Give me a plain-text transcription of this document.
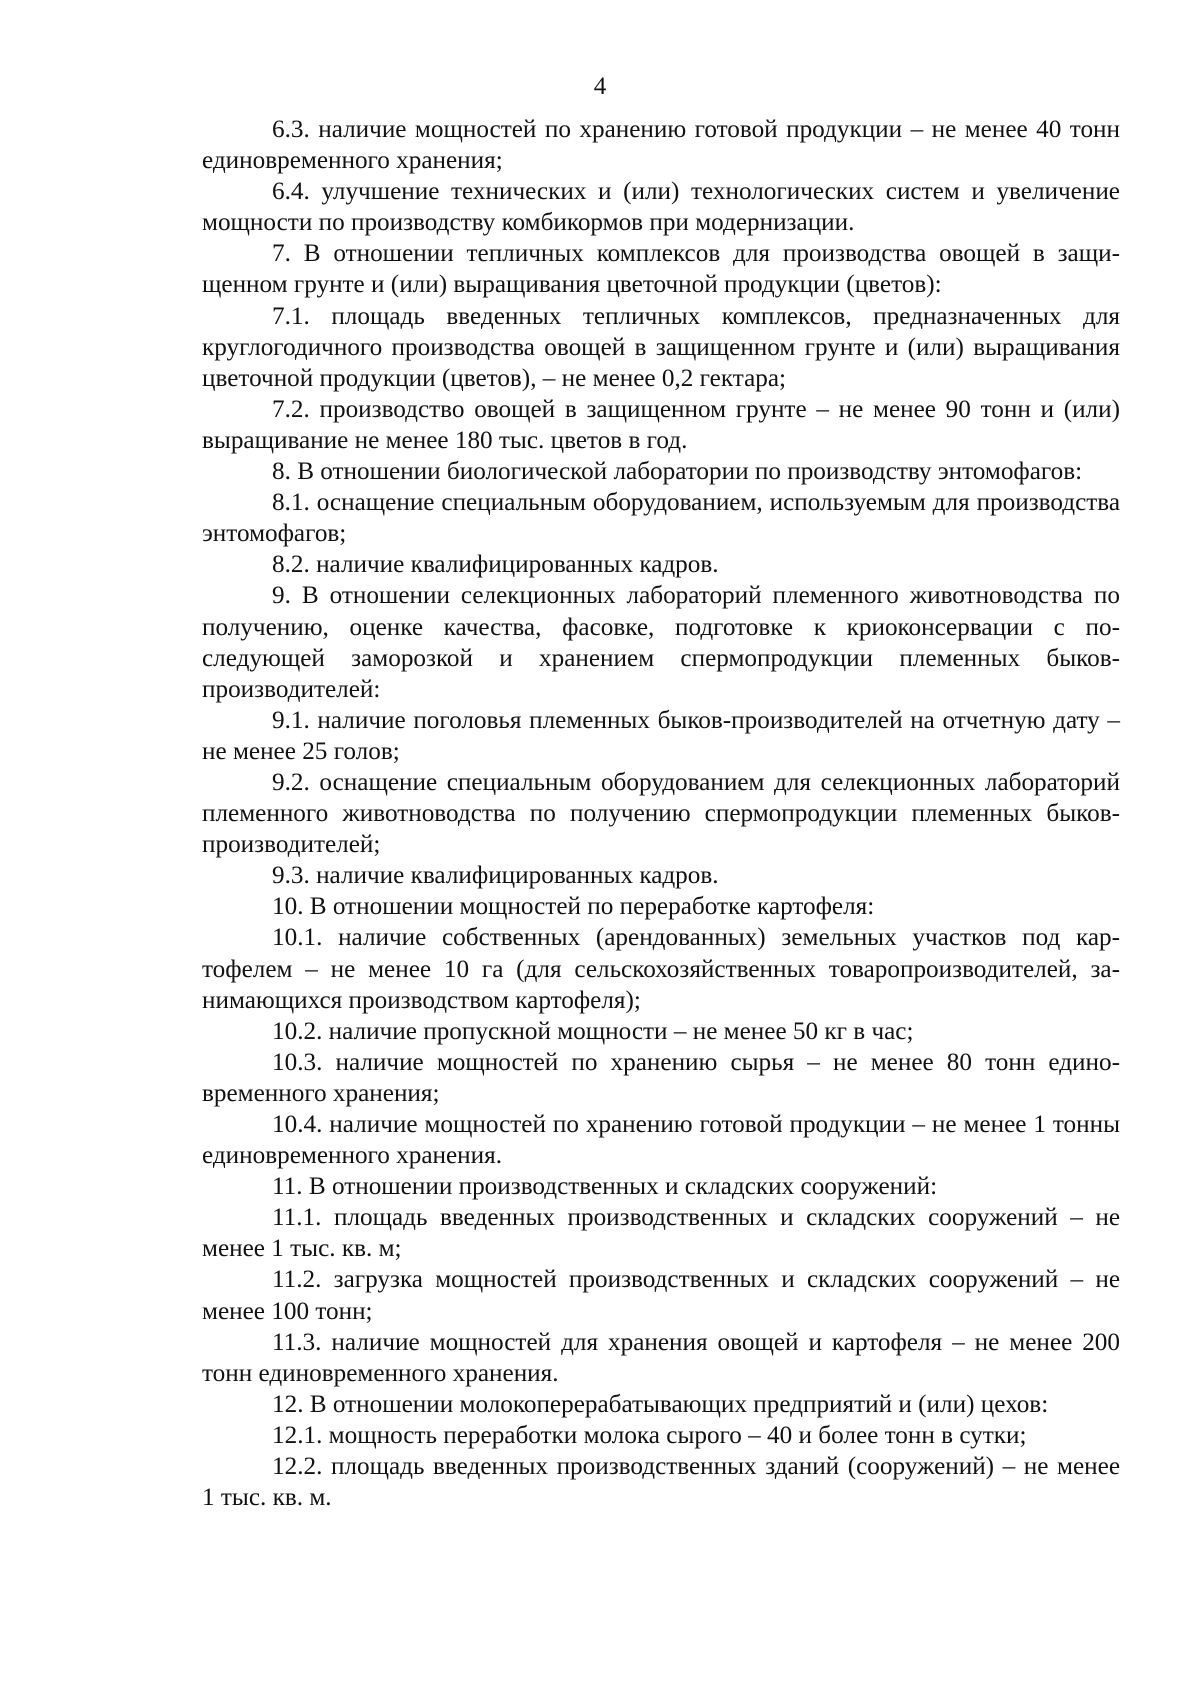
4

6.3. наличие мощностей по хранению готовой продукции – не менее 40 тонн единовременного хранения;

6.4. улучшение технических и (или) технологических систем и увеличение мощности по производству комбикормов при модернизации.

7. В отношении тепличных комплексов для производства овощей в защищенном грунте и (или) выращивания цветочной продукции (цветов):

7.1. площадь введенных тепличных комплексов, предназначенных для круглогодичного производства овощей в защищенном грунте и (или) выращивания цветочной продукции (цветов), – не менее 0,2 гектара;

7.2. производство овощей в защищенном грунте – не менее 90 тонн и (или) выращивание не менее 180 тыс. цветов в год.

8. В отношении биологической лаборатории по производству энтомофагов:

8.1. оснащение специальным оборудованием, используемым для производства энтомофагов;

8.2. наличие квалифицированных кадров.

9. В отношении селекционных лабораторий племенного животноводства по получению, оценке качества, фасовке, подготовке к криоконсервации с последующей заморозкой и хранением спермопродукции племенных быков-производителей:

9.1. наличие поголовья племенных быков-производителей на отчетную дату – не менее 25 голов;

9.2. оснащение специальным оборудованием для селекционных лабораторий племенного животноводства по получению спермопродукции племенных быков-производителей;

9.3. наличие квалифицированных кадров.

10. В отношении мощностей по переработке картофеля:

10.1. наличие собственных (арендованных) земельных участков под картофелем – не менее 10 га (для сельскохозяйственных товаропроизводителей, занимающихся производством картофеля);

10.2. наличие пропускной мощности – не менее 50 кг в час;

10.3. наличие мощностей по хранению сырья – не менее 80 тонн единовременного хранения;

10.4. наличие мощностей по хранению готовой продукции – не менее 1 тонны единовременного хранения.

11. В отношении производственных и складских сооружений:

11.1. площадь введенных производственных и складских сооружений – не менее 1 тыс. кв. м;

11.2. загрузка мощностей производственных и складских сооружений – не менее 100 тонн;

11.3. наличие мощностей для хранения овощей и картофеля – не менее 200 тонн единовременного хранения.

12. В отношении молокоперерабатывающих предприятий и (или) цехов:

12.1. мощность переработки молока сырого – 40 и более тонн в сутки;

12.2. площадь введенных производственных зданий (сооружений) – не менее 1 тыс. кв. м.
